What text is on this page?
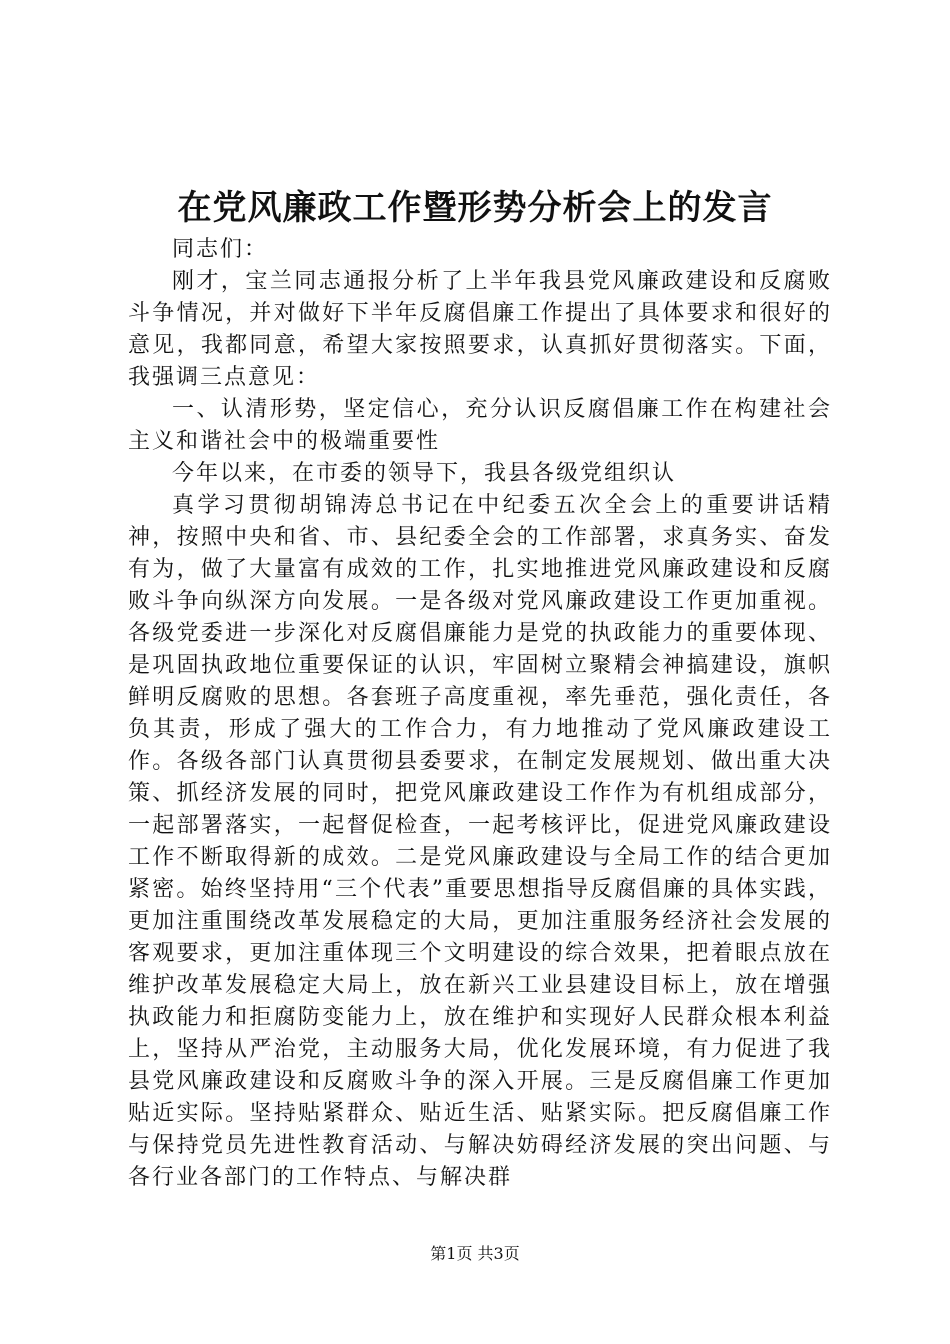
在党风廉政工作暨形势分析会上的发言

同志们：

刚才，宝兰同志通报分析了上半年我县党风廉政建设和反腐败斗争情况，并对做好下半年反腐倡廉工作提出了具体要求和很好的意见，我都同意，希望大家按照要求，认真抓好贯彻落实。下面，我强调三点意见：

一、认清形势，坚定信心，充分认识反腐倡廉工作在构建社会主义和谐社会中的极端重要性

今年以来，在市委的领导下，我县各级党组织认

真学习贯彻胡锦涛总书记在中纪委五次全会上的重要讲话精神，按照中央和省、市、县纪委全会的工作部署，求真务实、奋发有为，做了大量富有成效的工作，扎实地推进党风廉政建设和反腐败斗争向纵深方向发展。一是各级对党风廉政建设工作更加重视。各级党委进一步深化对反腐倡廉能力是党的执政能力的重要体现、是巩固执政地位重要保证的认识，牢固树立聚精会神搞建设，旗帜鲜明反腐败的思想。各套班子高度重视，率先垂范，强化责任，各负其责，形成了强大的工作合力，有力地推动了党风廉政建设工作。各级各部门认真贯彻县委要求，在制定发展规划、做出重大决策、抓经济发展的同时，把党风廉政建设工作作为有机组成部分，一起部署落实，一起督促检查，一起考核评比，促进党风廉政建设工作不断取得新的成效。二是党风廉政建设与全局工作的结合更加紧密。始终坚持用“三个代表”重要思想指导反腐倡廉的具体实践，更加注重围绕改革发展稳定的大局，更加注重服务经济社会发展的客观要求，更加注重体现三个文明建设的综合效果，把着眼点放在维护改革发展稳定大局上，放在新兴工业县建设目标上，放在增强执政能力和拒腐防变能力上，放在维护和实现好人民群众根本利益上，坚持从严治党，主动服务大局，优化发展环境，有力促进了我县党风廉政建设和反腐败斗争的深入开展。三是反腐倡廉工作更加贴近实际。坚持贴紧群众、贴近生活、贴紧实际。把反腐倡廉工作与保持党员先进性教育活动、与解决妨碍经济发展的突出问题、与各行业各部门的工作特点、与解决群

第1页 共3页
